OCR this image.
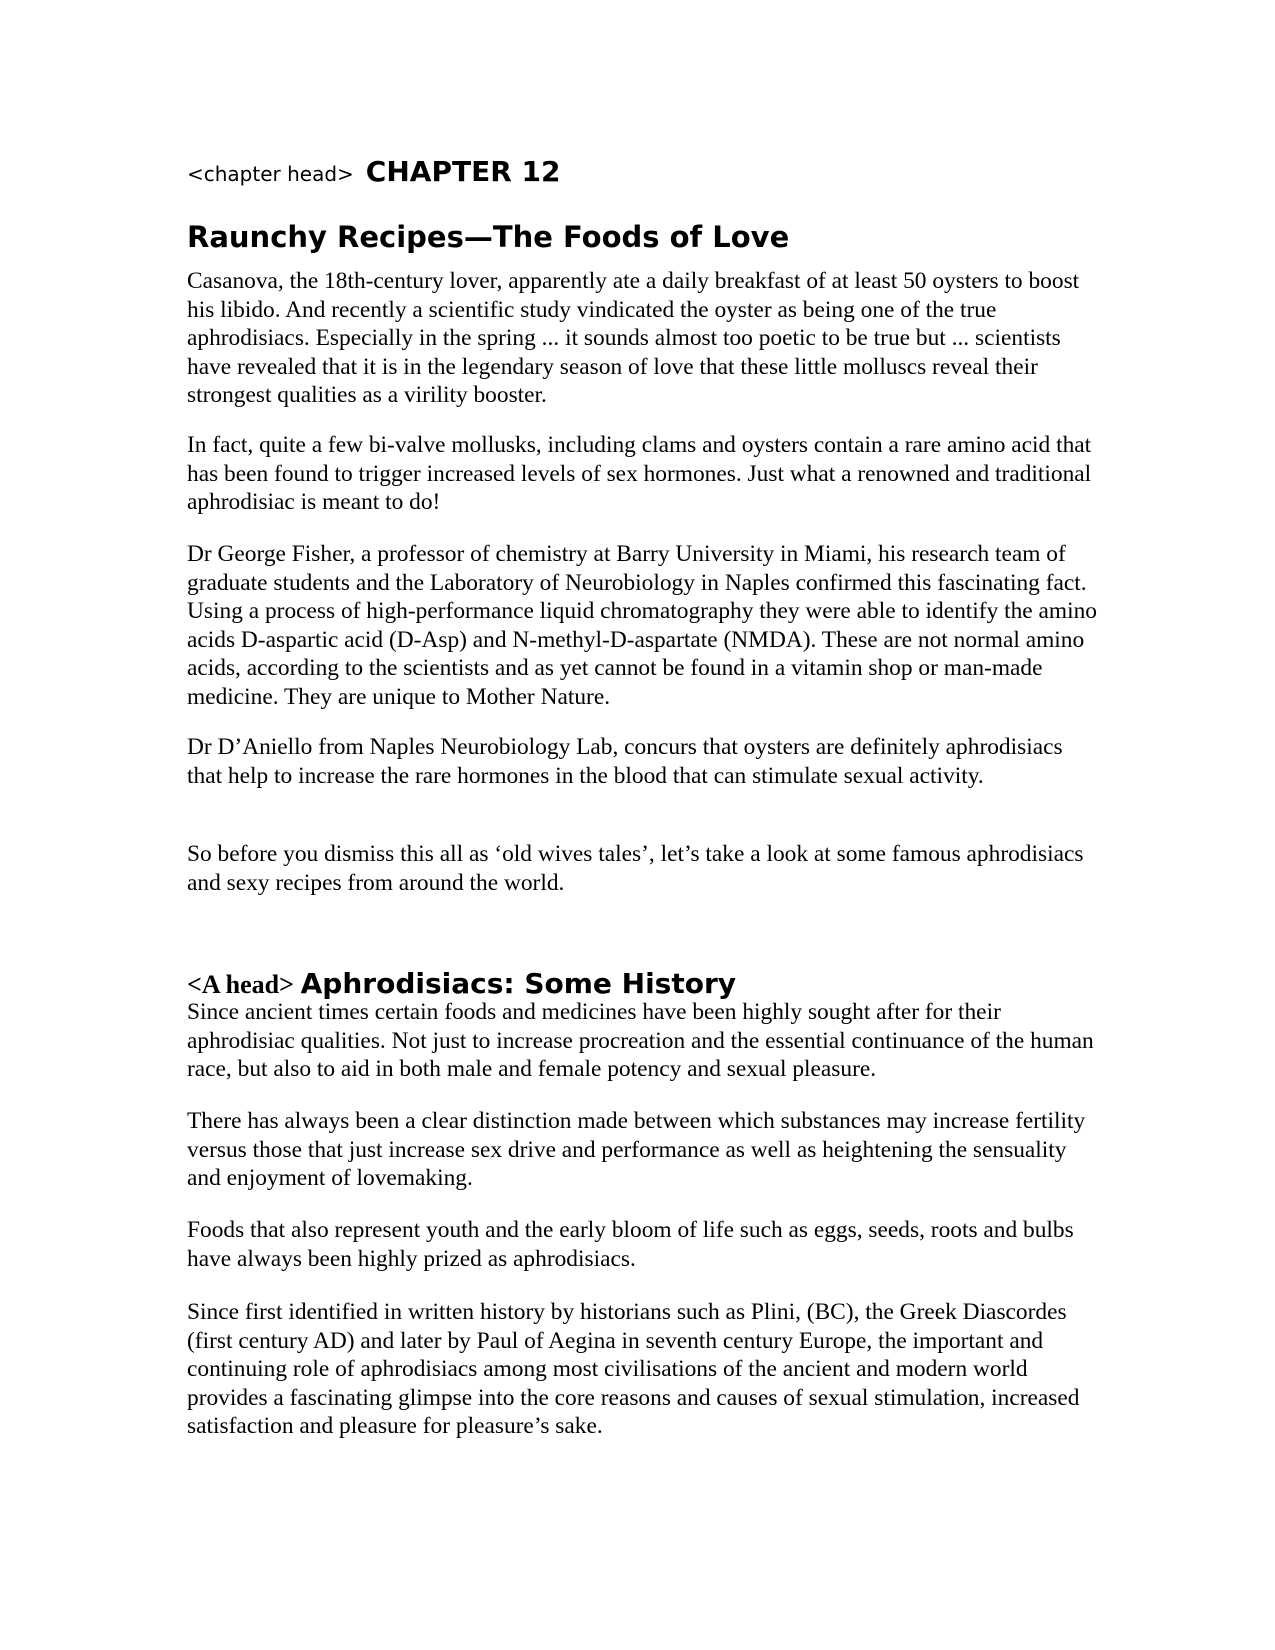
<chapter head> CHAPTER 12
Raunchy Recipes—The Foods of Love

Casanova, the 18th-century lover, apparently ate a daily breakfast of at least 50 oysters to boost his libido. And recently a scientific study vindicated the oyster as being one of the true aphrodisiacs. Especially in the spring ... it sounds almost too poetic to be true but ... scientists have revealed that it is in the legendary season of love that these little molluscs reveal their strongest qualities as a virility booster.

In fact, quite a few bi-valve mollusks, including clams and oysters contain a rare amino acid that has been found to trigger increased levels of sex hormones. Just what a renowned and traditional aphrodisiac is meant to do!

Dr George Fisher, a professor of chemistry at Barry University in Miami, his research team of graduate students and the Laboratory of Neurobiology in Naples confirmed this fascinating fact. Using a process of high-performance liquid chromatography they were able to identify the amino acids D-aspartic acid (D-Asp) and N-methyl-D-aspartate (NMDA). These are not normal amino acids, according to the scientists and as yet cannot be found in a vitamin shop or man-made medicine. They are unique to Mother Nature.

Dr D’Aniello from Naples Neurobiology Lab, concurs that oysters are definitely aphrodisiacs that help to increase the rare hormones in the blood that can stimulate sexual activity.

So before you dismiss this all as ‘old wives tales’, let’s take a look at some famous aphrodisiacs and sexy recipes from around the world.

<A head> Aphrodisiacs: Some History

Since ancient times certain foods and medicines have been highly sought after for their aphrodisiac qualities. Not just to increase procreation and the essential continuance of the human race, but also to aid in both male and female potency and sexual pleasure.

There has always been a clear distinction made between which substances may increase fertility versus those that just increase sex drive and performance as well as heightening the sensuality and enjoyment of lovemaking.

Foods that also represent youth and the early bloom of life such as eggs, seeds, roots and bulbs have always been highly prized as aphrodisiacs.

Since first identified in written history by historians such as Plini, (BC), the Greek Diascordes (first century AD) and later by Paul of Aegina in seventh century Europe, the important and continuing role of aphrodisiacs among most civilisations of the ancient and modern world provides a fascinating glimpse into the core reasons and causes of sexual stimulation, increased satisfaction and pleasure for pleasure’s sake.
